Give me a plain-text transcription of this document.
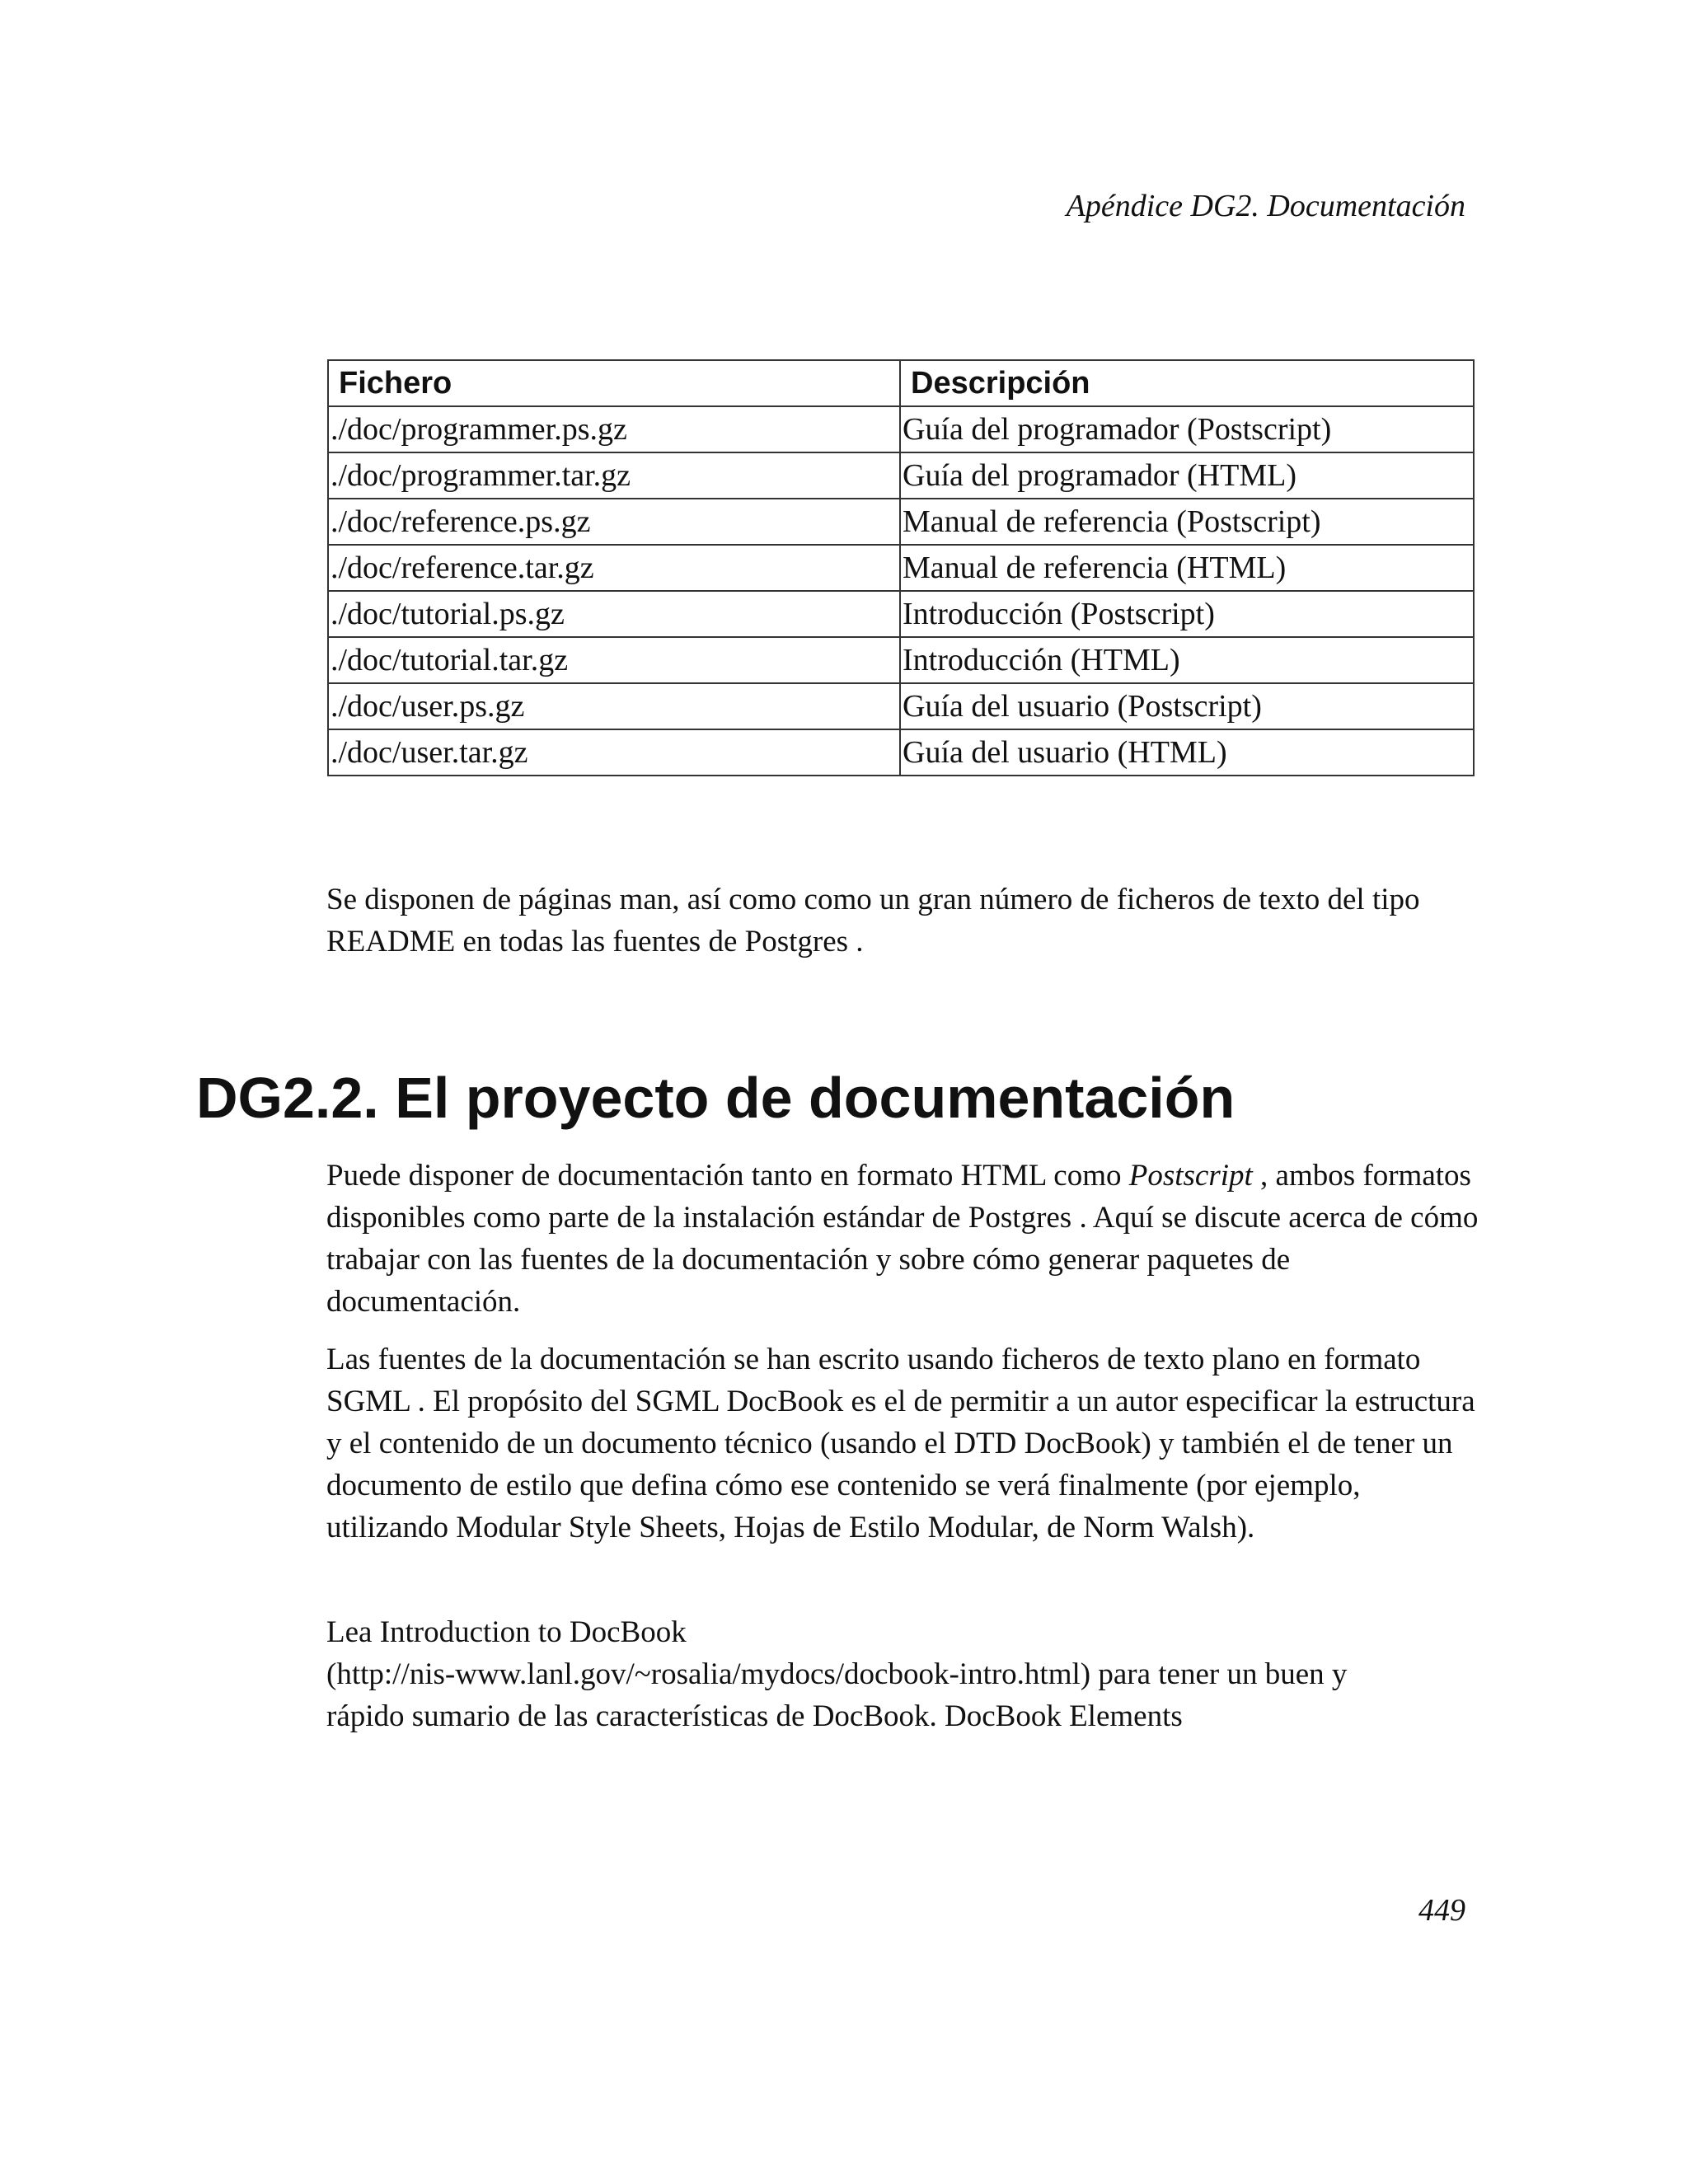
Apéndice DG2. Documentación
Fichero	Descripción
./doc/programmer.ps.gz	Guía del programador (Postscript)
./doc/programmer.tar.gz	Guía del programador (HTML)
./doc/reference.ps.gz	Manual de referencia (Postscript)
./doc/reference.tar.gz	Manual de referencia (HTML)
./doc/tutorial.ps.gz	Introducción (Postscript)
./doc/tutorial.tar.gz	Introducción (HTML)
./doc/user.ps.gz	Guía del usuario (Postscript)
./doc/user.tar.gz	Guía del usuario (HTML)

Se disponen de páginas man, así como como un gran número de ficheros de texto del tipo README en todas las fuentes de Postgres .

DG2.2. El proyecto de documentación

Puede disponer de documentación tanto en formato HTML como Postscript , ambos formatos disponibles como parte de la instalación estándar de Postgres . Aquí se discute acerca de cómo trabajar con las fuentes de la documentación y sobre cómo generar paquetes de documentación.

Las fuentes de la documentación se han escrito usando ficheros de texto plano en formato SGML . El propósito del SGML DocBook es el de permitir a un autor especificar la estructura y el contenido de un documento técnico (usando el DTD DocBook) y también el de tener un documento de estilo que defina cómo ese contenido se verá finalmente (por ejemplo, utilizando Modular Style Sheets, Hojas de Estilo Modular, de Norm Walsh).

Lea Introduction to DocBook
(http://nis-www.lanl.gov/~rosalia/mydocs/docbook-intro.html) para tener un buen y
rápido sumario de las características de DocBook. DocBook Elements

449
